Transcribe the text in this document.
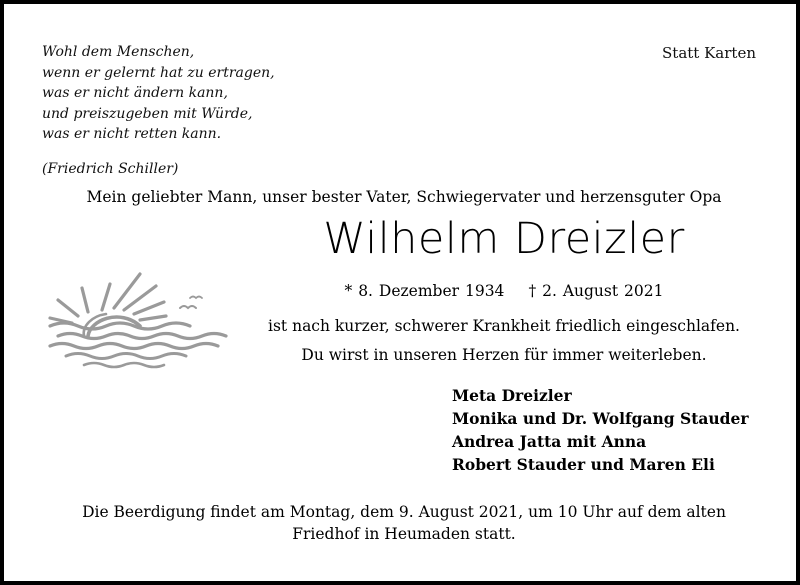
Wohl dem Menschen,
wenn er gelernt hat zu ertragen,
was er nicht ändern kann,
und preiszugeben mit Würde,
was er nicht retten kann.
(Friedrich Schiller)
Statt Karten
Mein geliebter Mann, unser bester Vater, Schwiegervater und herzensguter Opa
Wilhelm Dreizler
* 8. Dezember 1934 † 2. August 2021
ist nach kurzer, schwerer Krankheit friedlich eingeschlafen.
Du wirst in unseren Herzen für immer weiterleben.
Meta Dreizler
Monika und Dr. Wolfgang Stauder
Andrea Jatta mit Anna
Robert Stauder und Maren Eli
Die Beerdigung findet am Montag, dem 9. August 2021, um 10 Uhr auf dem alten
Friedhof in Heumaden statt.
